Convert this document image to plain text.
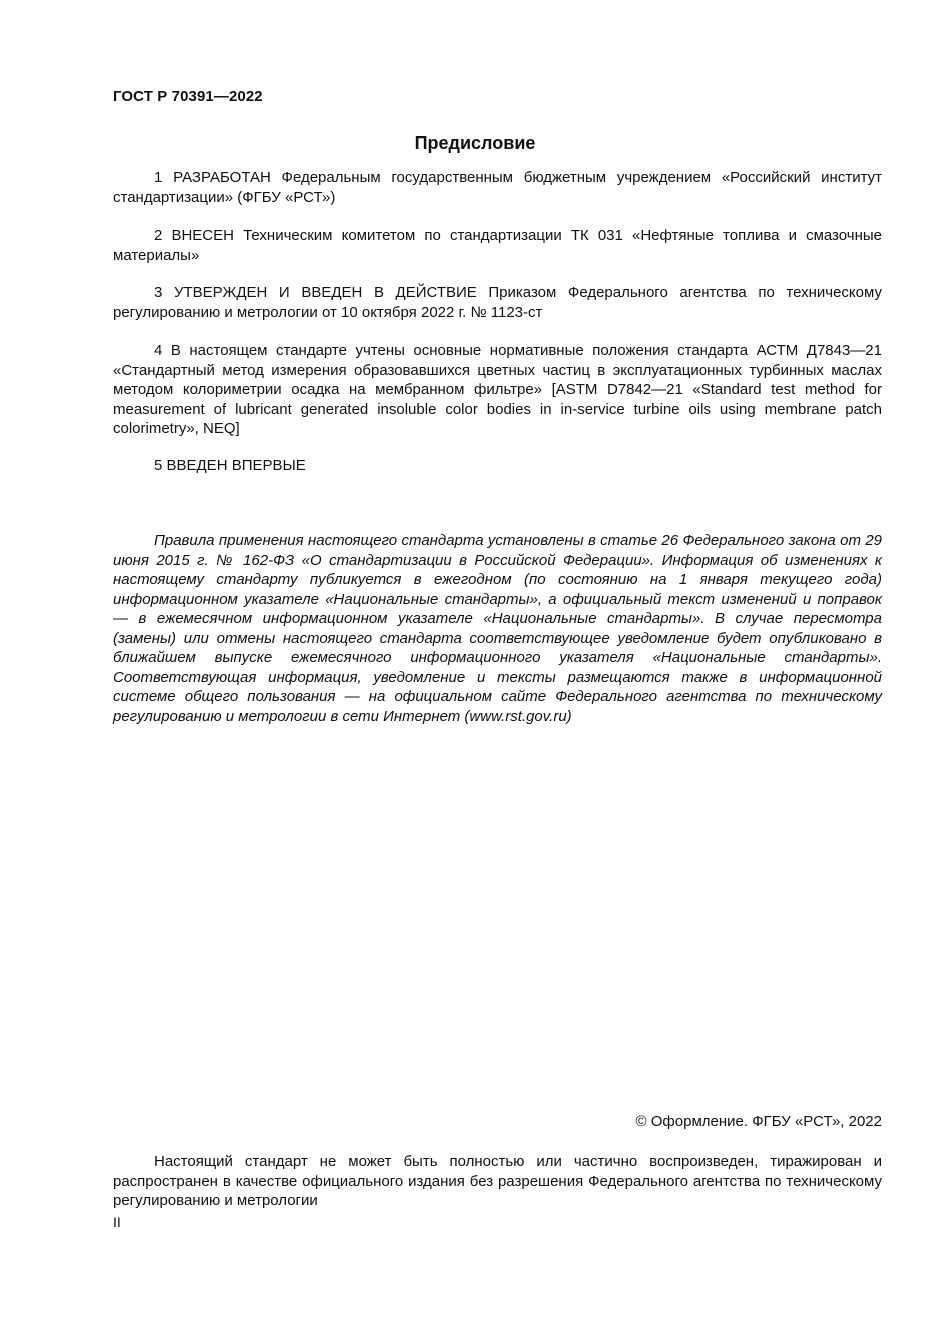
ГОСТ Р 70391—2022
Предисловие

1 РАЗРАБОТАН Федеральным государственным бюджетным учреждением «Российский институт стандартизации» (ФГБУ «РСТ»)

2 ВНЕСЕН Техническим комитетом по стандартизации ТК 031 «Нефтяные топлива и смазочные материалы»

3 УТВЕРЖДЕН И ВВЕДЕН В ДЕЙСТВИЕ Приказом Федерального агентства по техническому регулированию и метрологии от 10 октября 2022 г. № 1123-ст

4 В настоящем стандарте учтены основные нормативные положения стандарта АСТМ Д7843—21 «Стандартный метод измерения образовавшихся цветных частиц в эксплуатационных турбинных маслах методом колориметрии осадка на мембранном фильтре» [ASTM D7842—21 «Standard test method for measurement of lubricant generated insoluble color bodies in in-service turbine oils using membrane patch colorimetry», NEQ]

5 ВВЕДЕН ВПЕРВЫЕ

Правила применения настоящего стандарта установлены в статье 26 Федерального закона от 29 июня 2015 г. № 162-ФЗ «О стандартизации в Российской Федерации». Информация об изменениях к настоящему стандарту публикуется в ежегодном (по состоянию на 1 января текущего года) информационном указателе «Национальные стандарты», а официальный текст изменений и поправок — в ежемесячном информационном указателе «Национальные стандарты». В случае пересмотра (замены) или отмены настоящего стандарта соответствующее уведомление будет опубликовано в ближайшем выпуске ежемесячного информационного указателя «Национальные стандарты». Соответствующая информация, уведомление и тексты размещаются также в информационной системе общего пользования — на официальном сайте Федерального агентства по техническому регулированию и метрологии в сети Интернет (www.rst.gov.ru)

© Оформление. ФГБУ «РСТ», 2022

Настоящий стандарт не может быть полностью или частично воспроизведен, тиражирован и распространен в качестве официального издания без разрешения Федерального агентства по техническому регулированию и метрологии

II
